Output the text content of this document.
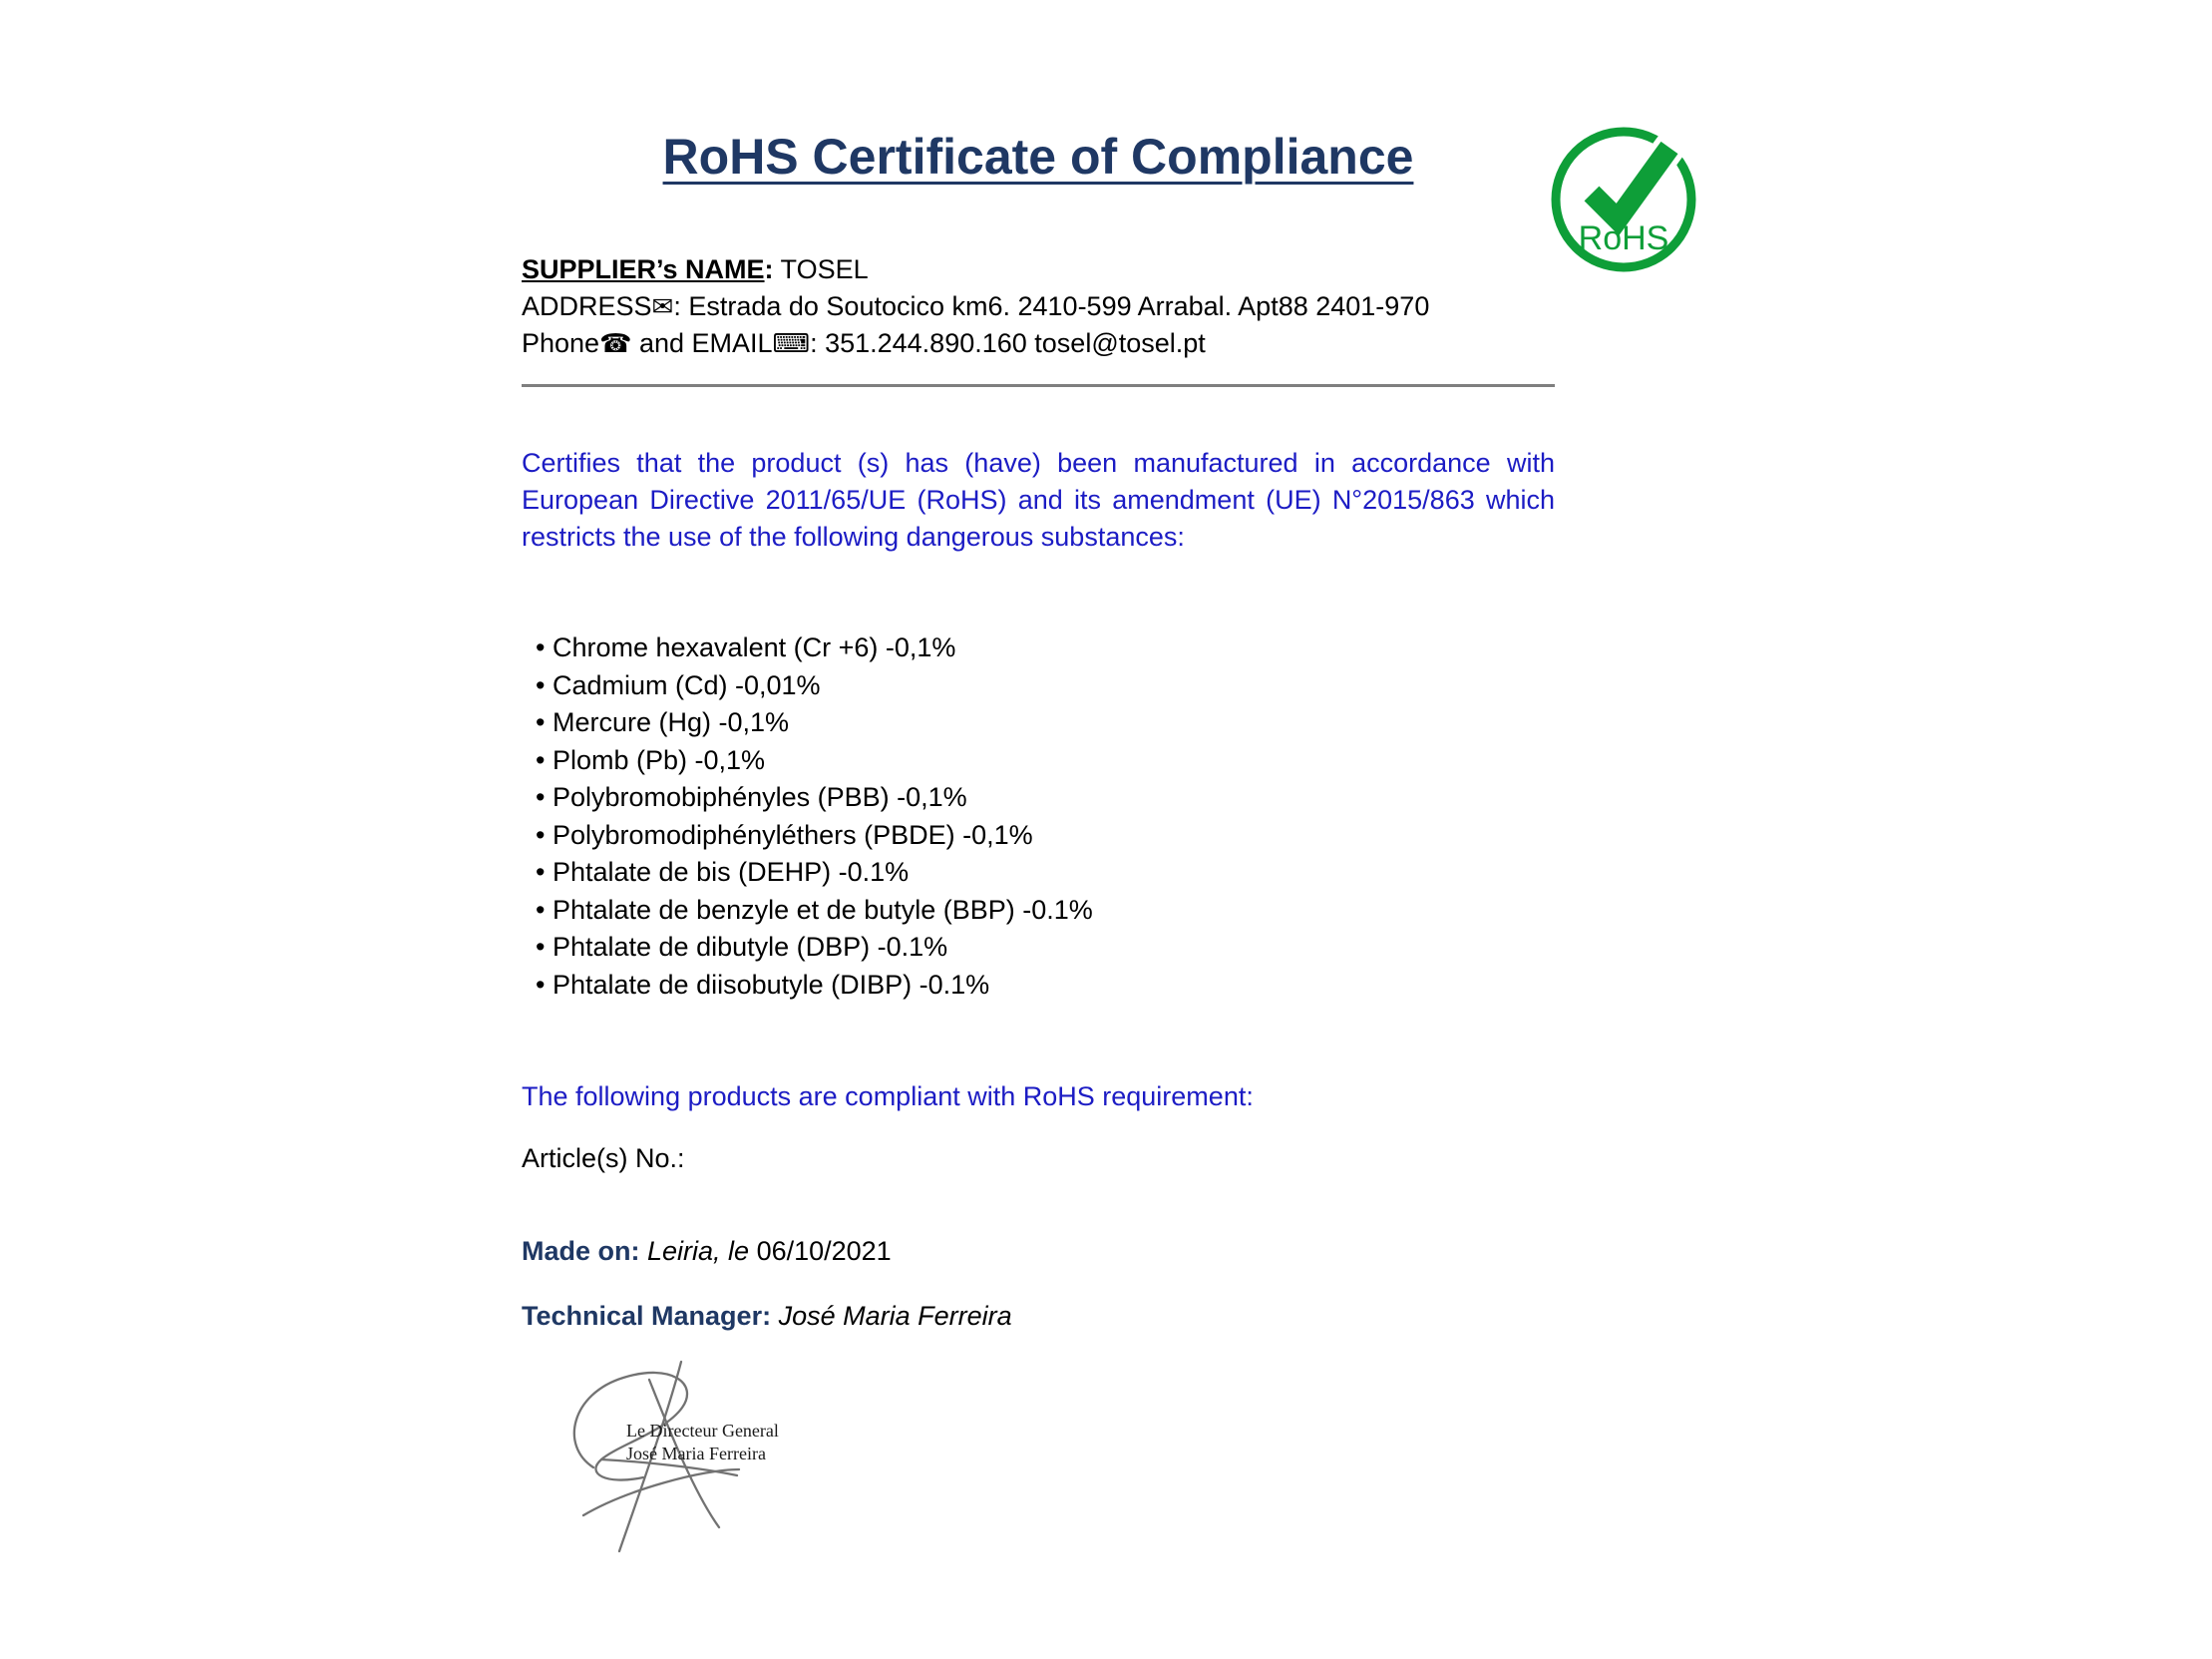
RoHS Certificate of Compliance
SUPPLIER’s NAME: TOSEL
ADDRESS✉: Estrada do Soutocico km6. 2410-599 Arrabal. Apt88 2401-970
Phone☎ and EMAIL⌨: 351.244.890.160 tosel@tosel.pt
Certifies that the product (s) has (have) been manufactured in accordance with European Directive 2011/65/UE (RoHS) and its amendment (UE) N°2015/863 which restricts the use of the following dangerous substances:
• Chrome hexavalent (Cr +6) -0,1%
• Cadmium (Cd) -0,01%
• Mercure (Hg) -0,1%
• Plomb (Pb) -0,1%
• Polybromobiphényles (PBB) -0,1%
• Polybromodiphényléthers (PBDE) -0,1%
• Phtalate de bis (DEHP) -0.1%
• Phtalate de benzyle et de butyle (BBP) -0.1%
• Phtalate de dibutyle (DBP) -0.1%
• Phtalate de diisobutyle (DIBP) -0.1%
The following products are compliant with RoHS requirement:
Article(s) No.:
Made on: Leiria, le 06/10/2021
Technical Manager: José Maria Ferreira
Le Directeur General
José Maria Ferreira
RoHS
